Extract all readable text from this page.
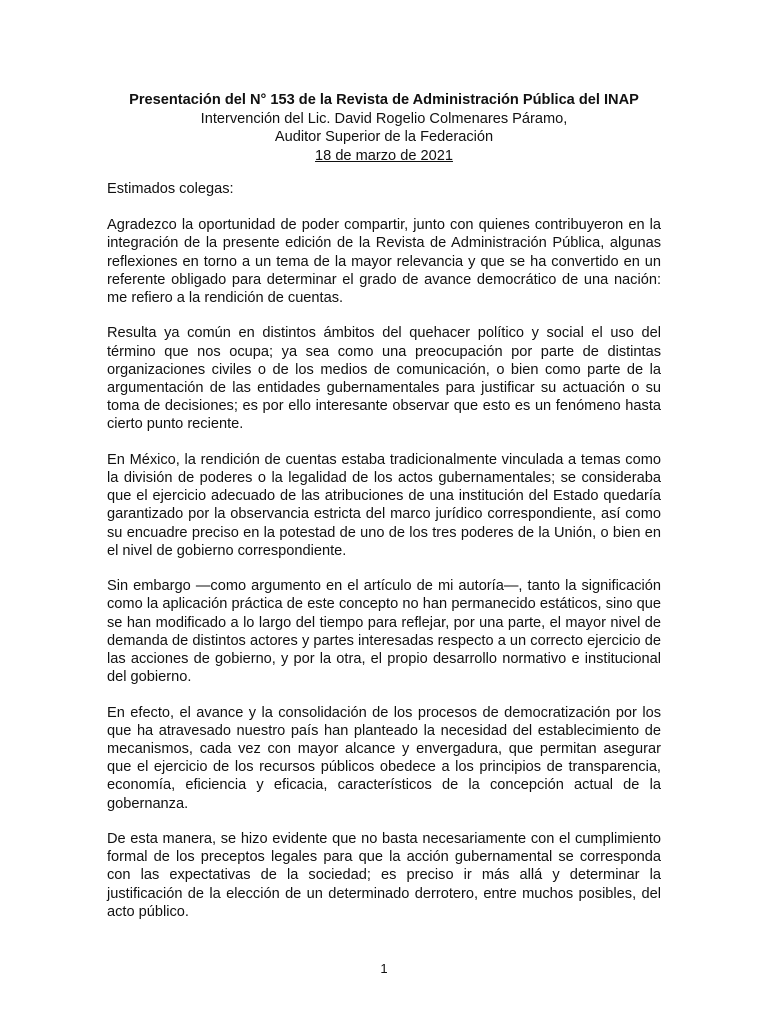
Presentación del N° 153 de la Revista de Administración Pública del INAP
Intervención del Lic. David Rogelio Colmenares Páramo,
Auditor Superior de la Federación
18 de marzo de 2021

Estimados colegas:

Agradezco la oportunidad de poder compartir, junto con quienes contribuyeron en la integración de la presente edición de la Revista de Administración Pública, algunas reflexiones en torno a un tema de la mayor relevancia y que se ha convertido en un referente obligado para determinar el grado de avance democrático de una nación: me refiero a la rendición de cuentas.

Resulta ya común en distintos ámbitos del quehacer político y social el uso del término que nos ocupa; ya sea como una preocupación por parte de distintas organizaciones civiles o de los medios de comunicación, o bien como parte de la argumentación de las entidades gubernamentales para justificar su actuación o su toma de decisiones; es por ello interesante observar que esto es un fenómeno hasta cierto punto reciente.

En México, la rendición de cuentas estaba tradicionalmente vinculada a temas como la división de poderes o la legalidad de los actos gubernamentales; se consideraba que el ejercicio adecuado de las atribuciones de una institución del Estado quedaría garantizado por la observancia estricta del marco jurídico correspondiente, así como su encuadre preciso en la potestad de uno de los tres poderes de la Unión, o bien en el nivel de gobierno correspondiente.

Sin embargo —como argumento en el artículo de mi autoría—, tanto la significación como la aplicación práctica de este concepto no han permanecido estáticos, sino que se han modificado a lo largo del tiempo para reflejar, por una parte, el mayor nivel de demanda de distintos actores y partes interesadas respecto a un correcto ejercicio de las acciones de gobierno, y por la otra, el propio desarrollo normativo e institucional del gobierno.

En efecto, el avance y la consolidación de los procesos de democratización por los que ha atravesado nuestro país han planteado la necesidad del establecimiento de mecanismos, cada vez con mayor alcance y envergadura, que permitan asegurar que el ejercicio de los recursos públicos obedece a los principios de transparencia, economía, eficiencia y eficacia, característicos de la concepción actual de la gobernanza.

De esta manera, se hizo evidente que no basta necesariamente con el cumplimiento formal de los preceptos legales para que la acción gubernamental se corresponda con las expectativas de la sociedad; es preciso ir más allá y determinar la justificación de la elección de un determinado derrotero, entre muchos posibles, del acto público.

1
